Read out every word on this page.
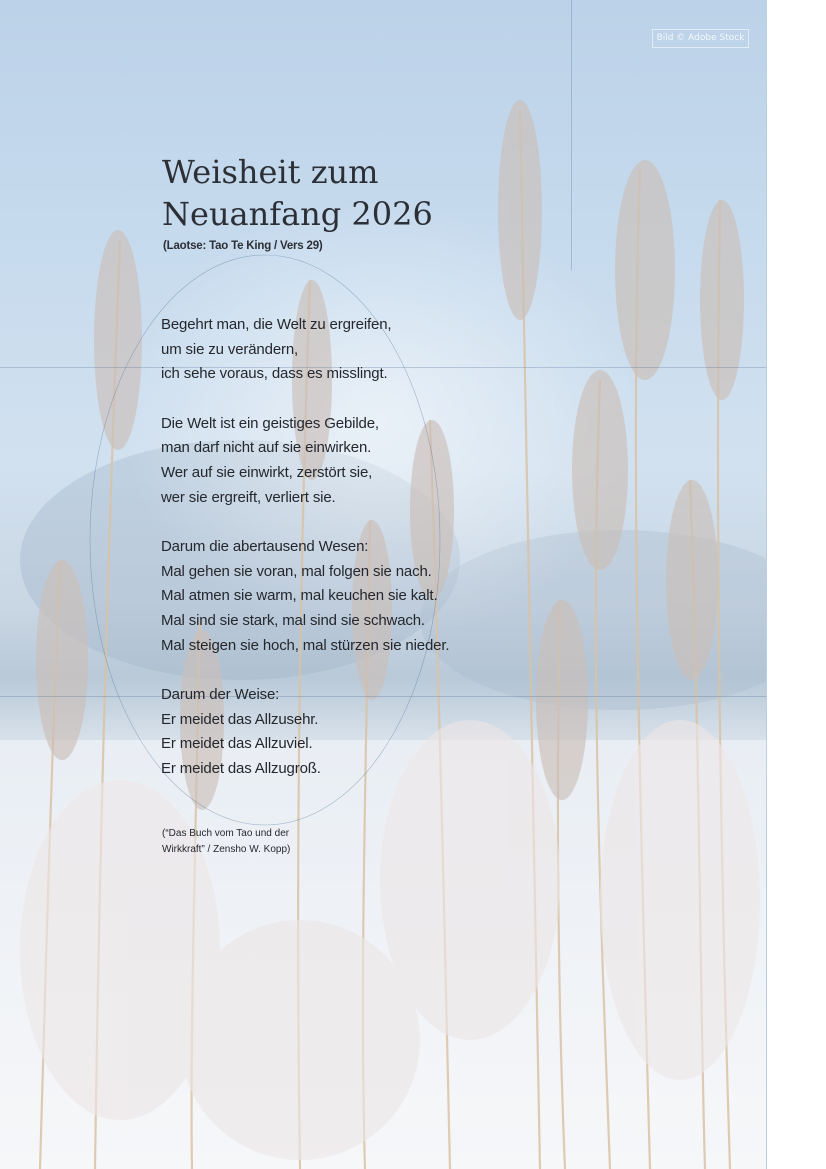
Bild © Adobe Stock
Weisheit zum
Neuanfang 2026
(Laotse: Tao Te King / Vers 29)
Begehrt man, die Welt zu ergreifen,
um sie zu verändern,
ich sehe voraus, dass es misslingt.
Die Welt ist ein geistiges Gebilde,
man darf nicht auf sie einwirken.
Wer auf sie einwirkt, zerstört sie,
wer sie ergreift, verliert sie.
Darum die abertausend Wesen:
Mal gehen sie voran, mal folgen sie nach.
Mal atmen sie warm, mal keuchen sie kalt.
Mal sind sie stark, mal sind sie schwach.
Mal steigen sie hoch, mal stürzen sie nieder.
Darum der Weise:
Er meidet das Allzusehr.
Er meidet das Allzuviel.
Er meidet das Allzugroß.
(“Das Buch vom Tao und der
Wirkkraft” / Zensho W. Kopp)
